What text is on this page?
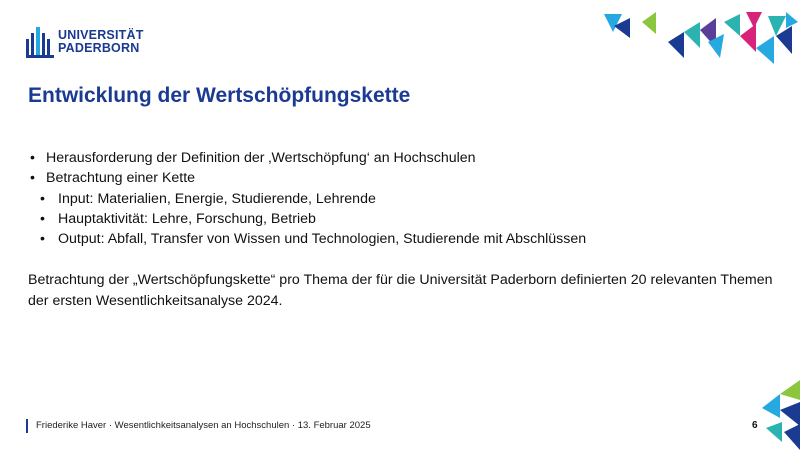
UNIVERSITÄT
PADERBORN
Entwicklung der Wertschöpfungskette
• Herausforderung der Definition der ‚Wertschöpfung‘ an Hochschulen
• Betrachtung einer Kette
• Input: Materialien, Energie, Studierende, Lehrende
• Hauptaktivität: Lehre, Forschung, Betrieb
• Output: Abfall, Transfer von Wissen und Technologien, Studierende mit Abschlüssen

Betrachtung der „Wertschöpfungskette“ pro Thema der für die Universität Paderborn definierten 20 relevanten Themen der ersten Wesentlichkeitsanalyse 2024.

Friederike Haver · Wesentlichkeitsanalysen an Hochschulen · 13. Februar 2025	6
